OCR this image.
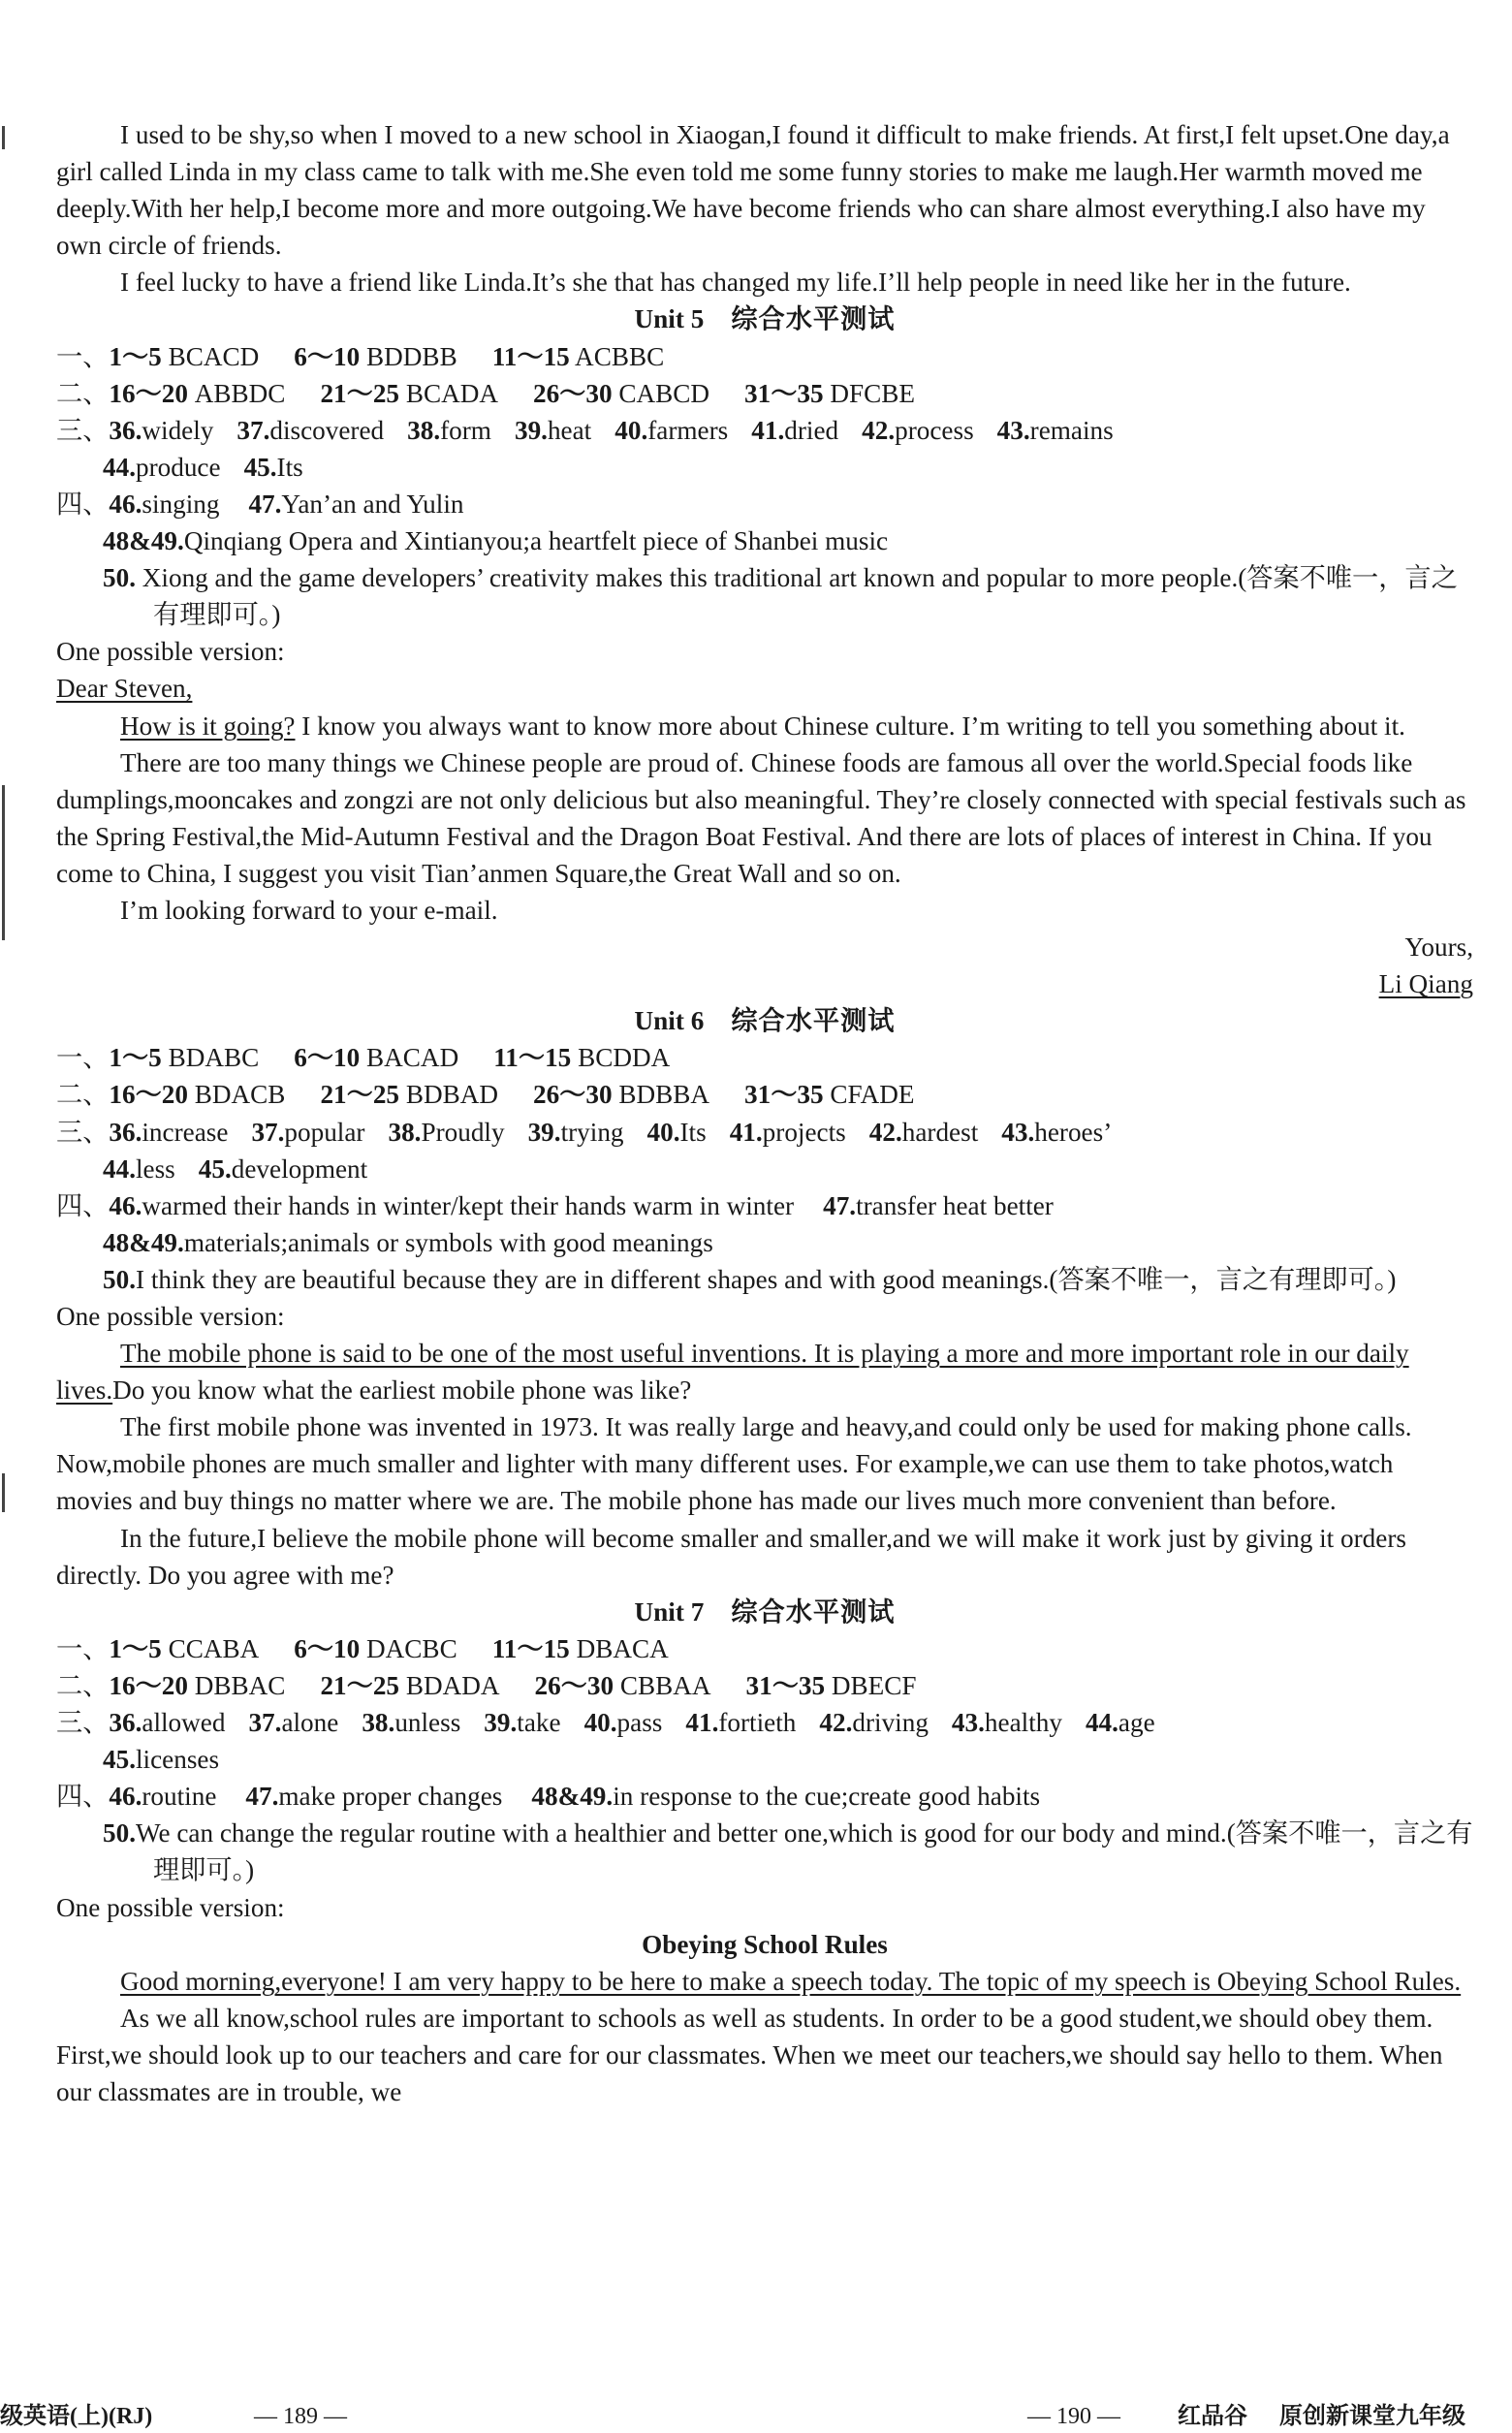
I used to be shy,so when I moved to a new school in Xiaogan,I found it difficult to make friends. At first,I felt upset.One day,a girl called Linda in my class came to talk with me.She even told me some funny stories to make me laugh.Her warmth moved me deeply.With her help,I become more and more outgoing.We have become friends who can share almost everything.I also have my own circle of friends.

I feel lucky to have a friend like Linda.It’s she that has changed my life.I’ll help people in need like her in the future.

Unit 5 综合水平测试

一、1～5 BCACD 6～10 BDDBB 11～15 ACBBC

二、16～20 ABBDC 21～25 BCADA 26～30 CABCD 31～35 DFCBE

三、36.widely 37.discovered 38.form 39.heat 40.farmers 41.dried 42.process 43.remains

44.produce 45.Its

四、46.singing 47.Yan’an and Yulin

48&49.Qinqiang Opera and Xintianyou;a heartfelt piece of Shanbei music

50. Xiong and the game developers’ creativity makes this traditional art known and popular to more people.(答案不唯一，言之有理即可。)

One possible version:

Dear Steven,

How is it going? I know you always want to know more about Chinese culture. I’m writing to tell you something about it.

There are too many things we Chinese people are proud of. Chinese foods are famous all over the world.Special foods like dumplings,mooncakes and zongzi are not only delicious but also meaningful. They’re closely connected with special festivals such as the Spring Festival,the Mid-Autumn Festival and the Dragon Boat Festival. And there are lots of places of interest in China. If you come to China, I suggest you visit Tian’anmen Square,the Great Wall and so on.

I’m looking forward to your e-mail.

Yours,

Li Qiang

Unit 6 综合水平测试

一、1～5 BDABC 6～10 BACAD 11～15 BCDDA

二、16～20 BDACB 21～25 BDBAD 26～30 BDBBA 31～35 CFADE

三、36.increase 37.popular 38.Proudly 39.trying 40.Its 41.projects 42.hardest 43.heroes’

44.less 45.development

四、46.warmed their hands in winter/kept their hands warm in winter 47.transfer heat better

48&49.materials;animals or symbols with good meanings

50.I think they are beautiful because they are in different shapes and with good meanings.(答案不唯一，言之有理即可。)

One possible version:

The mobile phone is said to be one of the most useful inventions. It is playing a more and more important role in our daily lives.Do you know what the earliest mobile phone was like?

The first mobile phone was invented in 1973. It was really large and heavy,and could only be used for making phone calls. Now,mobile phones are much smaller and lighter with many different uses. For example,we can use them to take photos,watch movies and buy things no matter where we are. The mobile phone has made our lives much more convenient than before.

In the future,I believe the mobile phone will become smaller and smaller,and we will make it work just by giving it orders directly. Do you agree with me?

Unit 7 综合水平测试

一、1～5 CCABA 6～10 DACBC 11～15 DBACA

二、16～20 DBBAC 21～25 BDADA 26～30 CBBAA 31～35 DBECF

三、36.allowed 37.alone 38.unless 39.take 40.pass 41.fortieth 42.driving 43.healthy 44.age

45.licenses

四、46.routine 47.make proper changes 48&49.in response to the cue;create good habits

50.We can change the regular routine with a healthier and better one,which is good for our body and mind.(答案不唯一，言之有理即可。)

One possible version:

Obeying School Rules

Good morning,everyone! I am very happy to be here to make a speech today. The topic of my speech is Obeying School Rules.

As we all know,school rules are important to schools as well as students. In order to be a good student,we should obey them. First,we should look up to our teachers and care for our classmates. When we meet our teachers,we should say hello to them. When our classmates are in trouble, we

级英语(上)(RJ)	— 189 —	— 190 — 红品谷 原创新课堂九年级
